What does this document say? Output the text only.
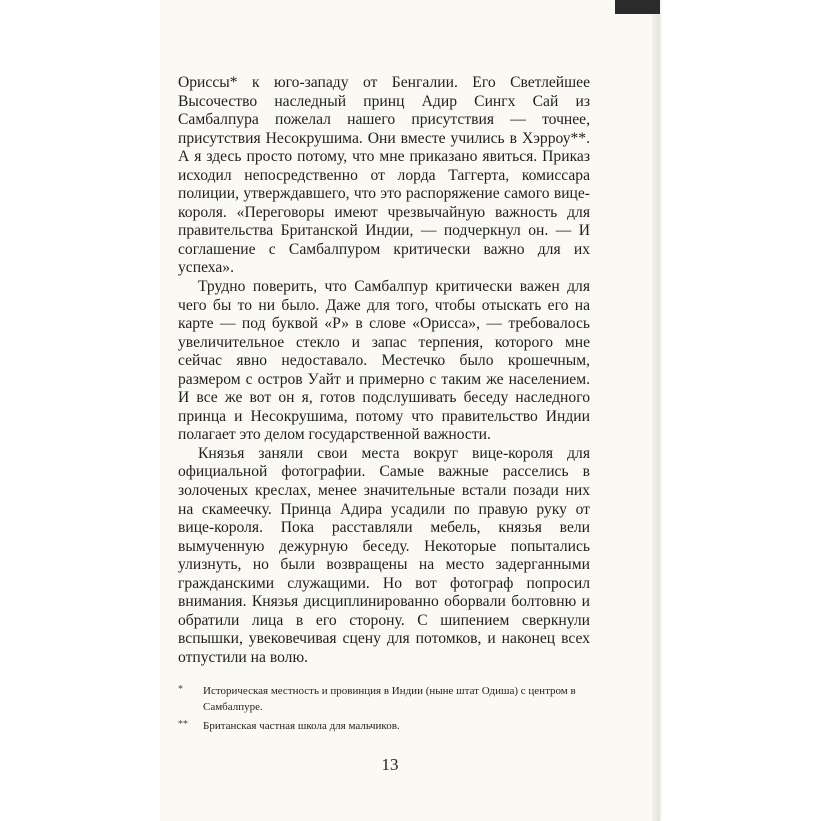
Ориссы* к юго-западу от Бенгалии. Его Светлейшее Высочество наследный принц Адир Сингх Сай из Самбалпура пожелал нашего присутствия — точнее, присутствия Несокрушима. Они вместе учились в Хэрроу**. А я здесь просто потому, что мне приказано явиться. Приказ исходил непосредственно от лорда Таггерта, комиссара полиции, утверждавшего, что это распоряжение самого вице-короля. «Переговоры имеют чрезвычайную важность для правительства Британской Индии, — подчеркнул он. — И соглашение с Самбалпуром критически важно для их успеха».

Трудно поверить, что Самбалпур критически важен для чего бы то ни было. Даже для того, чтобы отыскать его на карте — под буквой «Р» в слове «Орисса», — требовалось увеличительное стекло и запас терпения, которого мне сейчас явно недоставало. Местечко было крошечным, размером с остров Уайт и примерно с таким же населением. И все же вот он я, готов подслушивать беседу наследного принца и Несокрушима, потому что правительство Индии полагает это делом государственной важности.

Князья заняли свои места вокруг вице-короля для официальной фотографии. Самые важные расселись в золоченых креслах, менее значительные встали позади них на скамеечку. Принца Адира усадили по правую руку от вице-короля. Пока расставляли мебель, князья вели вымученную дежурную беседу. Некоторые попытались улизнуть, но были возвращены на место задерганными гражданскими служащими. Но вот фотограф попросил внимания. Князья дисциплинированно оборвали болтовню и обратили лица в его сторону. С шипением сверкнули вспышки, увековечивая сцену для потомков, и наконец всех отпустили на волю.

* Историческая местность и провинция в Индии (ныне штат Одиша) с центром в Самбалпуре.
** Британская частная школа для мальчиков.
13
